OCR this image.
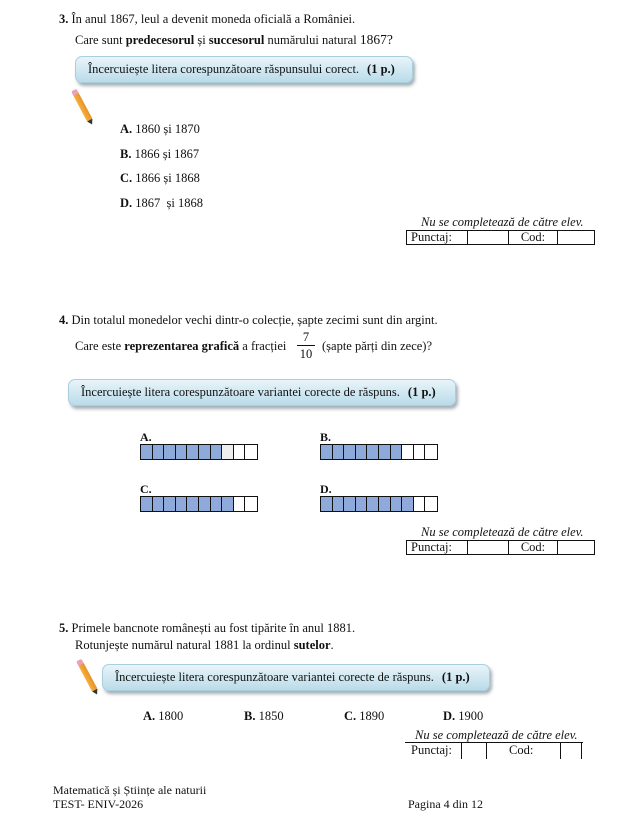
3. În anul 1867, leul a devenit moneda oficială a României.
Care sunt predecesorul și succesorul numărului natural 1867?
Încercuiește litera corespunzătoare răspunsului corect. (1 p.)
A. 1860 și 1870
B. 1866 și 1867
C. 1866 și 1868
D. 1867  și 1868
Nu se completează de către elev.
Punctaj:		Cod:	
4. Din totalul monedelor vechi dintr-o colecție, șapte zecimi sunt din argint.
Care este reprezentarea grafică a fracției $\frac{7}{10}$ (șapte părți din zece)?
Încercuiește litera corespunzătoare variantei corecte de răspuns. (1 p.)
A.	B.
C.	D.
Nu se completează de către elev.
Punctaj:		Cod:	
5. Primele bancnote românești au fost tipărite în anul 1881.
Rotunjește numărul natural 1881 la ordinul sutelor.
Încercuiește litera corespunzătoare variantei corecte de răspuns. (1 p.)
A. 1800	B. 1850	C. 1890	D. 1900
Nu se completează de către elev.
Punctaj:	Cod:
Matematică și Științe ale naturii
TEST- ENIV-2026	Pagina 4 din 12
